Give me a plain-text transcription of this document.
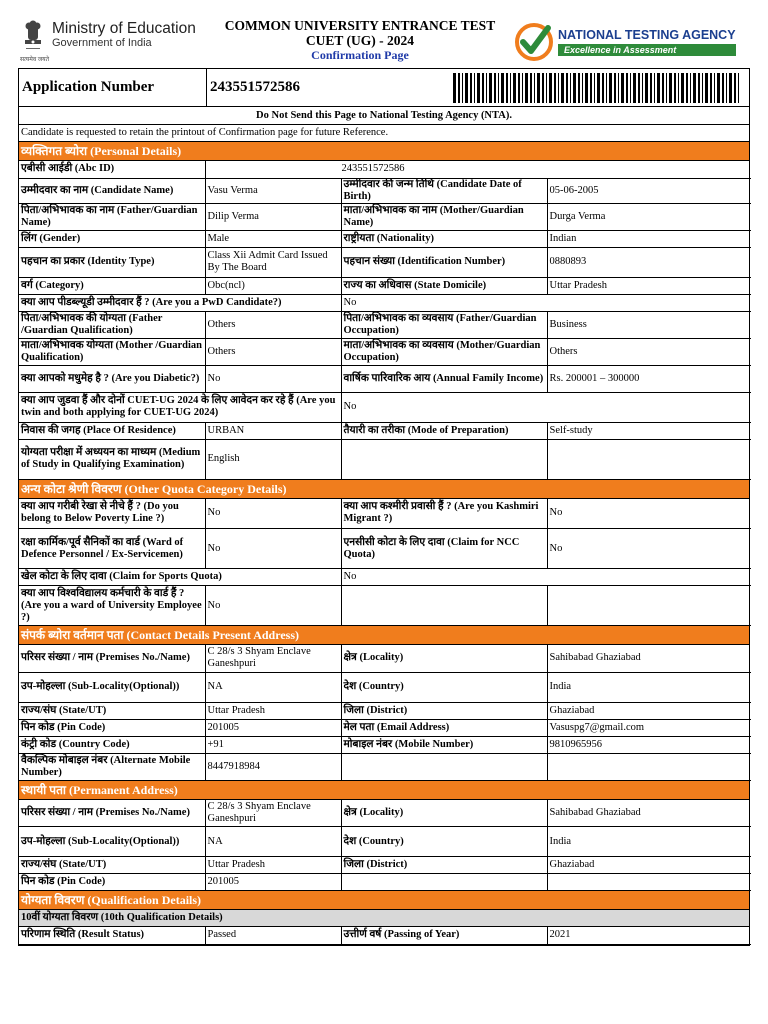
Ministry of Education
Government of India
सत्यमेव जयते
COMMON UNIVERSITY ENTRANCE TEST
CUET (UG) - 2024
Confirmation Page
NATIONAL TESTING AGENCY
Excellence in Assessment
Application Number	243551572586
Do Not Send this Page to National Testing Agency (NTA).
Candidate is requested to retain the printout of Confirmation page for future Reference.
व्यक्तिगत ब्योरा (Personal Details)
एबीसी आईडी (Abc ID)	243551572586		
उम्मीदवार का नाम (Candidate Name)	Vasu Verma	उम्मीदवार की जन्म तिथि (Candidate Date of Birth)	05-06-2005
पिता/अभिभावक का नाम (Father/Guardian Name)	Dilip Verma	माता/अभिभावक का नाम (Mother/Guardian Name)	Durga Verma
लिंग (Gender)	Male	राष्ट्रीयता (Nationality)	Indian
पहचान का प्रकार (Identity Type)	Class Xii Admit Card Issued By The Board	पहचान संख्या (Identification Number)	0880893
वर्ग (Category)	Obc(ncl)	राज्य का अधिवास (State Domicile)	Uttar Pradesh
क्या आप पीडब्ल्यूडी उम्मीदवार हैं ? (Are you a PwD Candidate?)		No	
पिता/अभिभावक की योग्यता (Father /Guardian Qualification)	Others	पिता/अभिभावक का व्यवसाय (Father/Guardian Occupation)	Business
माता/अभिभावक योग्यता (Mother /Guardian Qualification)	Others	माता/अभिभावक का व्यवसाय (Mother/Guardian Occupation)	Others
क्या आपको मधुमेह है ? (Are you Diabetic?)	No	वार्षिक पारिवारिक आय (Annual Family Income)	Rs. 200001 – 300000
क्या आप जुडवा हैं और दोनों CUET-UG 2024 के लिए आवेदन कर रहे हैं (Are you twin and both applying for CUET-UG 2024)		No	
निवास की जगह (Place Of Residence)	URBAN	तैयारी का तरीका (Mode of Preparation)	Self-study
योग्यता परीक्षा में अध्ययन का माध्यम (Medium of Study in Qualifying Examination)	English		
अन्य कोटा श्रेणी विवरण (Other Quota Category Details)
क्या आप गरीबी रेखा से नीचे हैं ? (Do you belong to Below Poverty Line ?)	No	क्या आप कश्मीरी प्रवासी हैं ? (Are you Kashmiri Migrant ?)	No
रक्षा कार्मिक/पूर्व सैनिकों का वार्ड (Ward of Defence Personnel / Ex-Servicemen)	No	एनसीसी कोटा के लिए दावा (Claim for NCC Quota)	No
खेल कोटा के लिए दावा (Claim for Sports Quota)		No	
क्या आप विश्वविद्यालय कर्मचारी के वार्ड हैं ? (Are you a ward of University Employee ?)	No		
संपर्क ब्योरा वर्तमान पता (Contact Details Present Address)
परिसर संख्या / नाम (Premises No./Name)	C 28/s 3 Shyam Enclave Ganeshpuri	क्षेत्र (Locality)	Sahibabad Ghaziabad
उप-मोहल्ला (Sub-Locality(Optional))	NA	देश (Country)	India
राज्य/संघ (State/UT)	Uttar Pradesh	जिला (District)	Ghaziabad
पिन कोड (Pin Code)	201005	मेल पता (Email Address)	Vasuspg7@gmail.com
कंट्री कोड (Country Code)	+91	मोबाइल नंबर (Mobile Number)	9810965956
वैकल्पिक मोबाइल नंबर (Alternate Mobile Number)	8447918984		
स्थायी पता (Permanent Address)
परिसर संख्या / नाम (Premises No./Name)	C 28/s 3 Shyam Enclave Ganeshpuri	क्षेत्र (Locality)	Sahibabad Ghaziabad
उप-मोहल्ला (Sub-Locality(Optional))	NA	देश (Country)	India
राज्य/संघ (State/UT)	Uttar Pradesh	जिला (District)	Ghaziabad
पिन कोड (Pin Code)	201005		
योग्यता विवरण (Qualification Details)
10वीं योग्यता विवरण (10th Qualification Details)
परिणाम स्थिति (Result Status)	Passed	उत्तीर्ण वर्ष (Passing of Year)	2021
